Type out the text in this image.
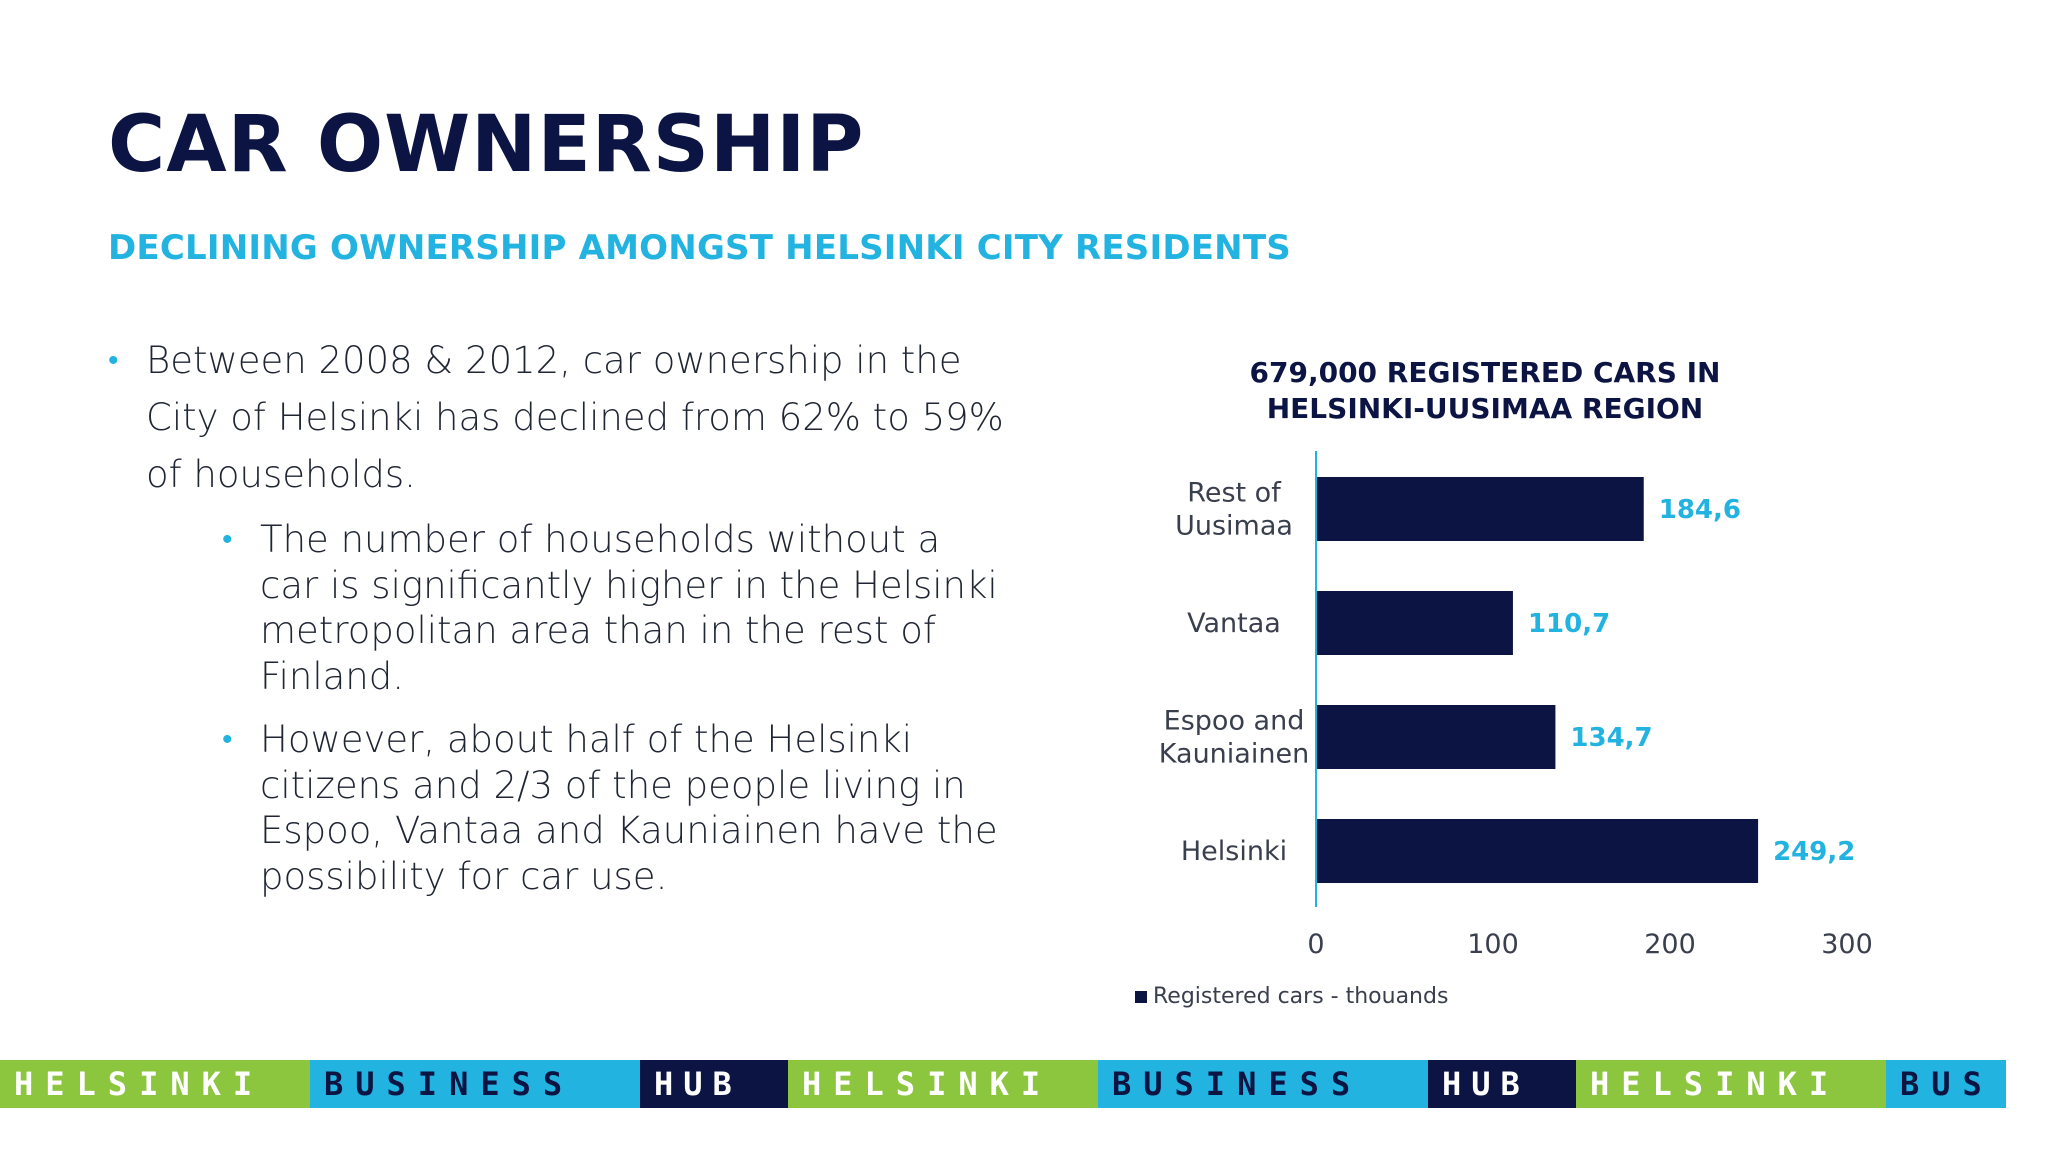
CAR OWNERSHIP
DECLINING OWNERSHIP AMONGST HELSINKI CITY RESIDENTS
• Between 2008 & 2012, car ownership in the City of Helsinki has declined from 62% to 59% of households.
• The number of households without a car is significantly higher in the Helsinki metropolitan area than in the rest of Finland.
• However, about half of the Helsinki citizens and 2/3 of the people living in Espoo, Vantaa and Kauniainen have the possibility for car use.
679,000 REGISTERED CARS IN
HELSINKI-UUSIMAA REGION
184,6
Rest of
Uusimaa
110,7
Vantaa
134,7
Espoo and
Kauniainen
249,2
Helsinki
0	100	200	300
Registered cars - thouands
HELSINKI BUSINESS HUB HELSINKI BUSINESS HUB HELSINKI BUS
